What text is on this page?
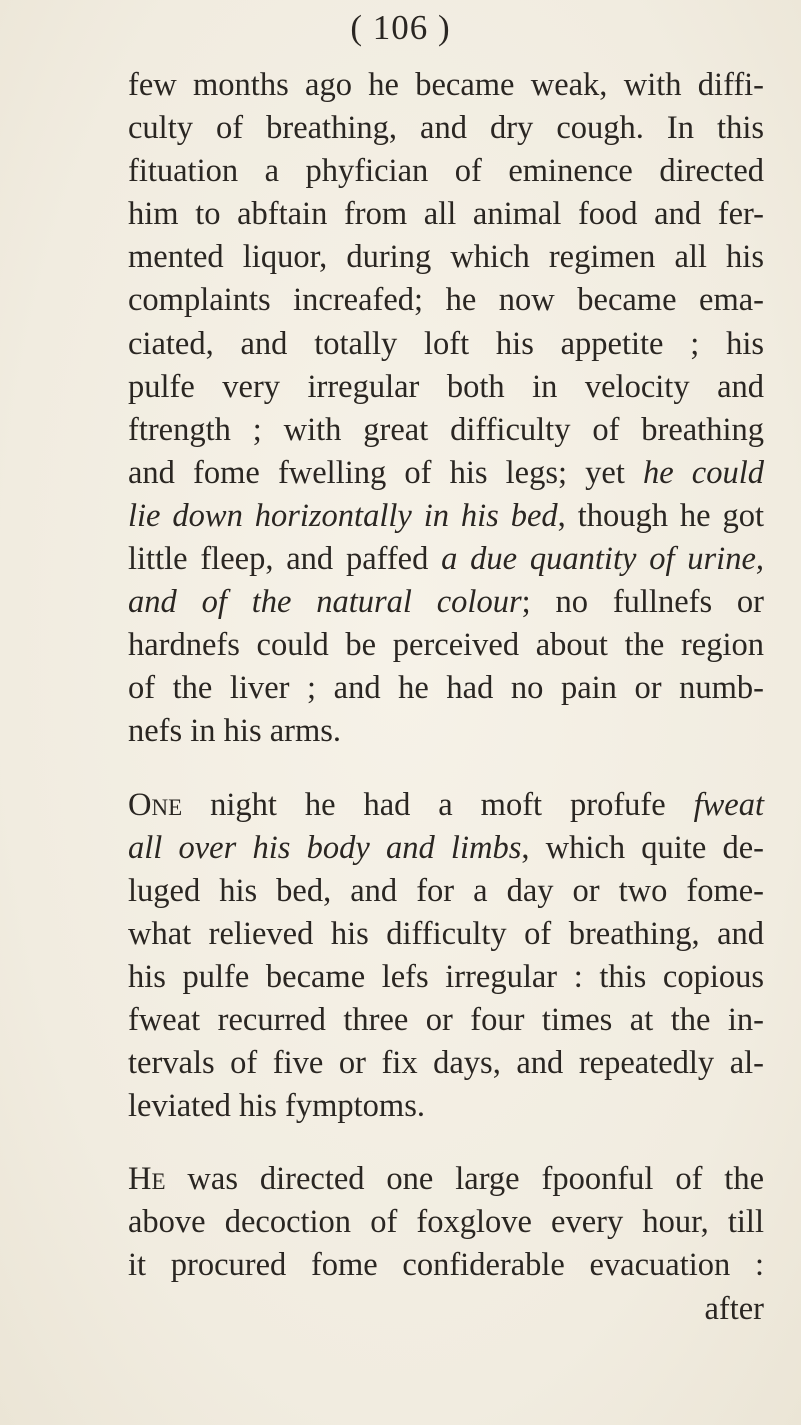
( 106 )
few months ago he became weak, with diffi-
culty of breathing, and dry cough. In this
fituation a phyfician of eminence directed
him to abftain from all animal food and fer-
mented liquor, during which regimen all his
complaints increafed; he now became ema-
ciated, and totally loft his appetite ; his
pulfe very irregular both in velocity and
ftrength ; with great difficulty of breathing
and fome fwelling of his legs; yet he could
lie down horizontally in his bed, though he got
little fleep, and paffed a due quantity of urine,
and of the natural colour; no fullnefs or
hardnefs could be perceived about the region
of the liver ; and he had no pain or numb-
nefs in his arms.
One night he had a moft profufe fweat
all over his body and limbs, which quite de-
luged his bed, and for a day or two fome-
what relieved his difficulty of breathing, and
his pulfe became lefs irregular : this copious
fweat recurred three or four times at the in-
tervals of five or fix days, and repeatedly al-
leviated his fymptoms.
He was directed one large fpoonful of the
above decoction of foxglove every hour, till
it procured fome confiderable evacuation :
after
